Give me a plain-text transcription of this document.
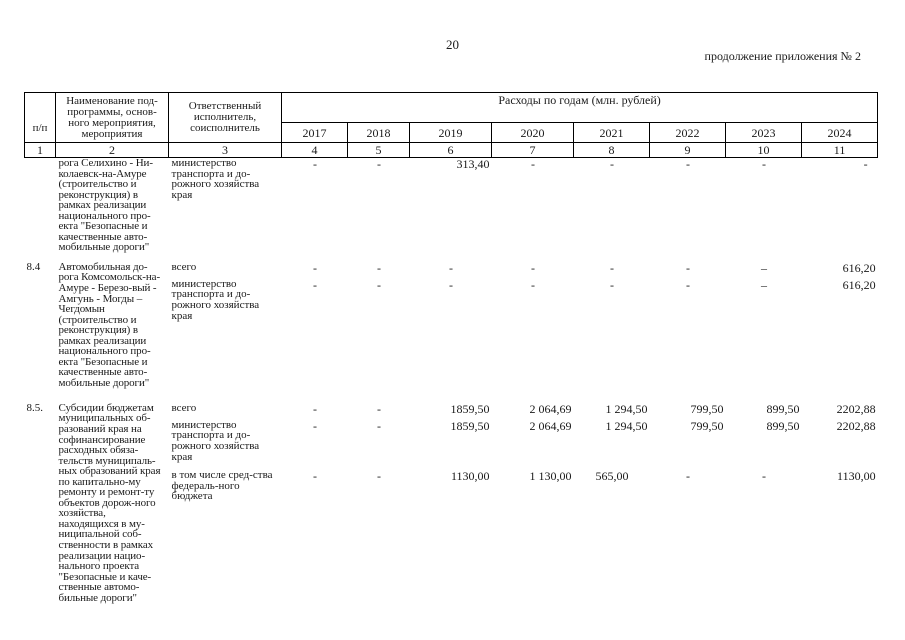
20
продолжение приложения № 2
п/п	Наименование под-программы, основ-ного мероприятия, мероприятия	Ответственный исполнитель, соисполнитель	Расходы по годам (млн. рублей)							
			2017	2018	2019	2020	2021	2022	2023	2024
1	2	3	4	5	6	7	8	9	10	11
	рога Селихино - Ни-колаевск-на-Амуре (строительство и реконструкция) в рамках реализации национального про-екта "Безопасные и качественные авто-мобильные дороги"	министерство транспорта и до-рожного хозяйства края	-	-	313,40	-	-	-	-	-
8.4	Автомобильная до-рога Комсомольск-на-Амуре - Березо-вый - Амгунь - Могды – Чегдомын (строительство и реконструкция) в рамках реализации национального про-екта "Безопасные и качественные авто-мобильные дороги"	всего	-	-	-	-	-	-	–	616,20
		министерство транспорта и до-рожного хозяйства края	-	-	-	-	-	-	–	616,20
8.5.	Субсидии бюджетам муниципальных об-разований края на софинансирование расходных обяза-тельств муниципаль-ных образований края по капитально-му ремонту и ремонт-ту объектов дорож-ного хозяйства, находящихся в му-ниципальной соб-ственности в рамках реализации нацио-нального проекта "Безопасные и каче-ственные автомо-бильные дороги"	всего	-	-	1859,50	2 064,69	1 294,50	799,50	899,50	2202,88
		министерство транспорта и до-рожного хозяйства края	-	-	1859,50	2 064,69	1 294,50	799,50	899,50	2202,88
		в том числе сред-ства федераль-ного бюджета	-	-	1130,00	1 130,00	565,00	-	-	1130,00
